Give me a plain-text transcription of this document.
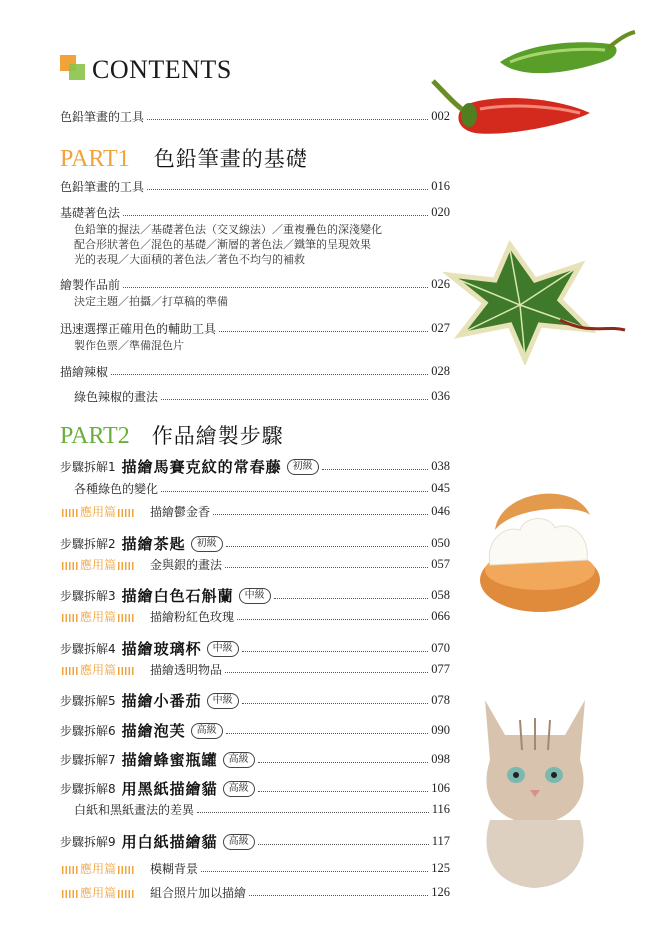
CONTENTS
色鉛筆畫的工具	002
PART1 色鉛筆畫的基礎
色鉛筆畫的工具	016
基礎著色法	020
色鉛筆的握法／基礎著色法（交叉線法）／重複疊色的深淺變化
配合形狀著色／混色的基礎／漸層的著色法／鐵筆的呈現效果
光的表現／大面積的著色法／著色不均勻的補救
繪製作品前	026
決定主題／拍攝／打草稿的準備
迅速選擇正確用色的輔助工具	027
製作色票／準備混色片
描繪辣椒	028
綠色辣椒的畫法	036
PART2 作品繪製步驟
步驟拆解1 描繪馬賽克紋的常春藤	初級	038
各種綠色的變化	045
應用篇	描繪鬱金香	046
步驟拆解2 描繪茶匙	初級	050
應用篇	金與銀的畫法	057
步驟拆解3 描繪白色石斛蘭	中級	058
應用篇	描繪粉紅色玫瑰	066
步驟拆解4 描繪玻璃杯	中級	070
應用篇	描繪透明物品	077
步驟拆解5 描繪小番茄	中級	078
步驟拆解6 描繪泡芙	高級	090
步驟拆解7 描繪蜂蜜瓶罐	高級	098
步驟拆解8 用黑紙描繪貓	高級	106
白紙和黑紙畫法的差異	116
步驟拆解9 用白紙描繪貓	高級	117
應用篇	模糊背景	125
應用篇	組合照片加以描繪	126
